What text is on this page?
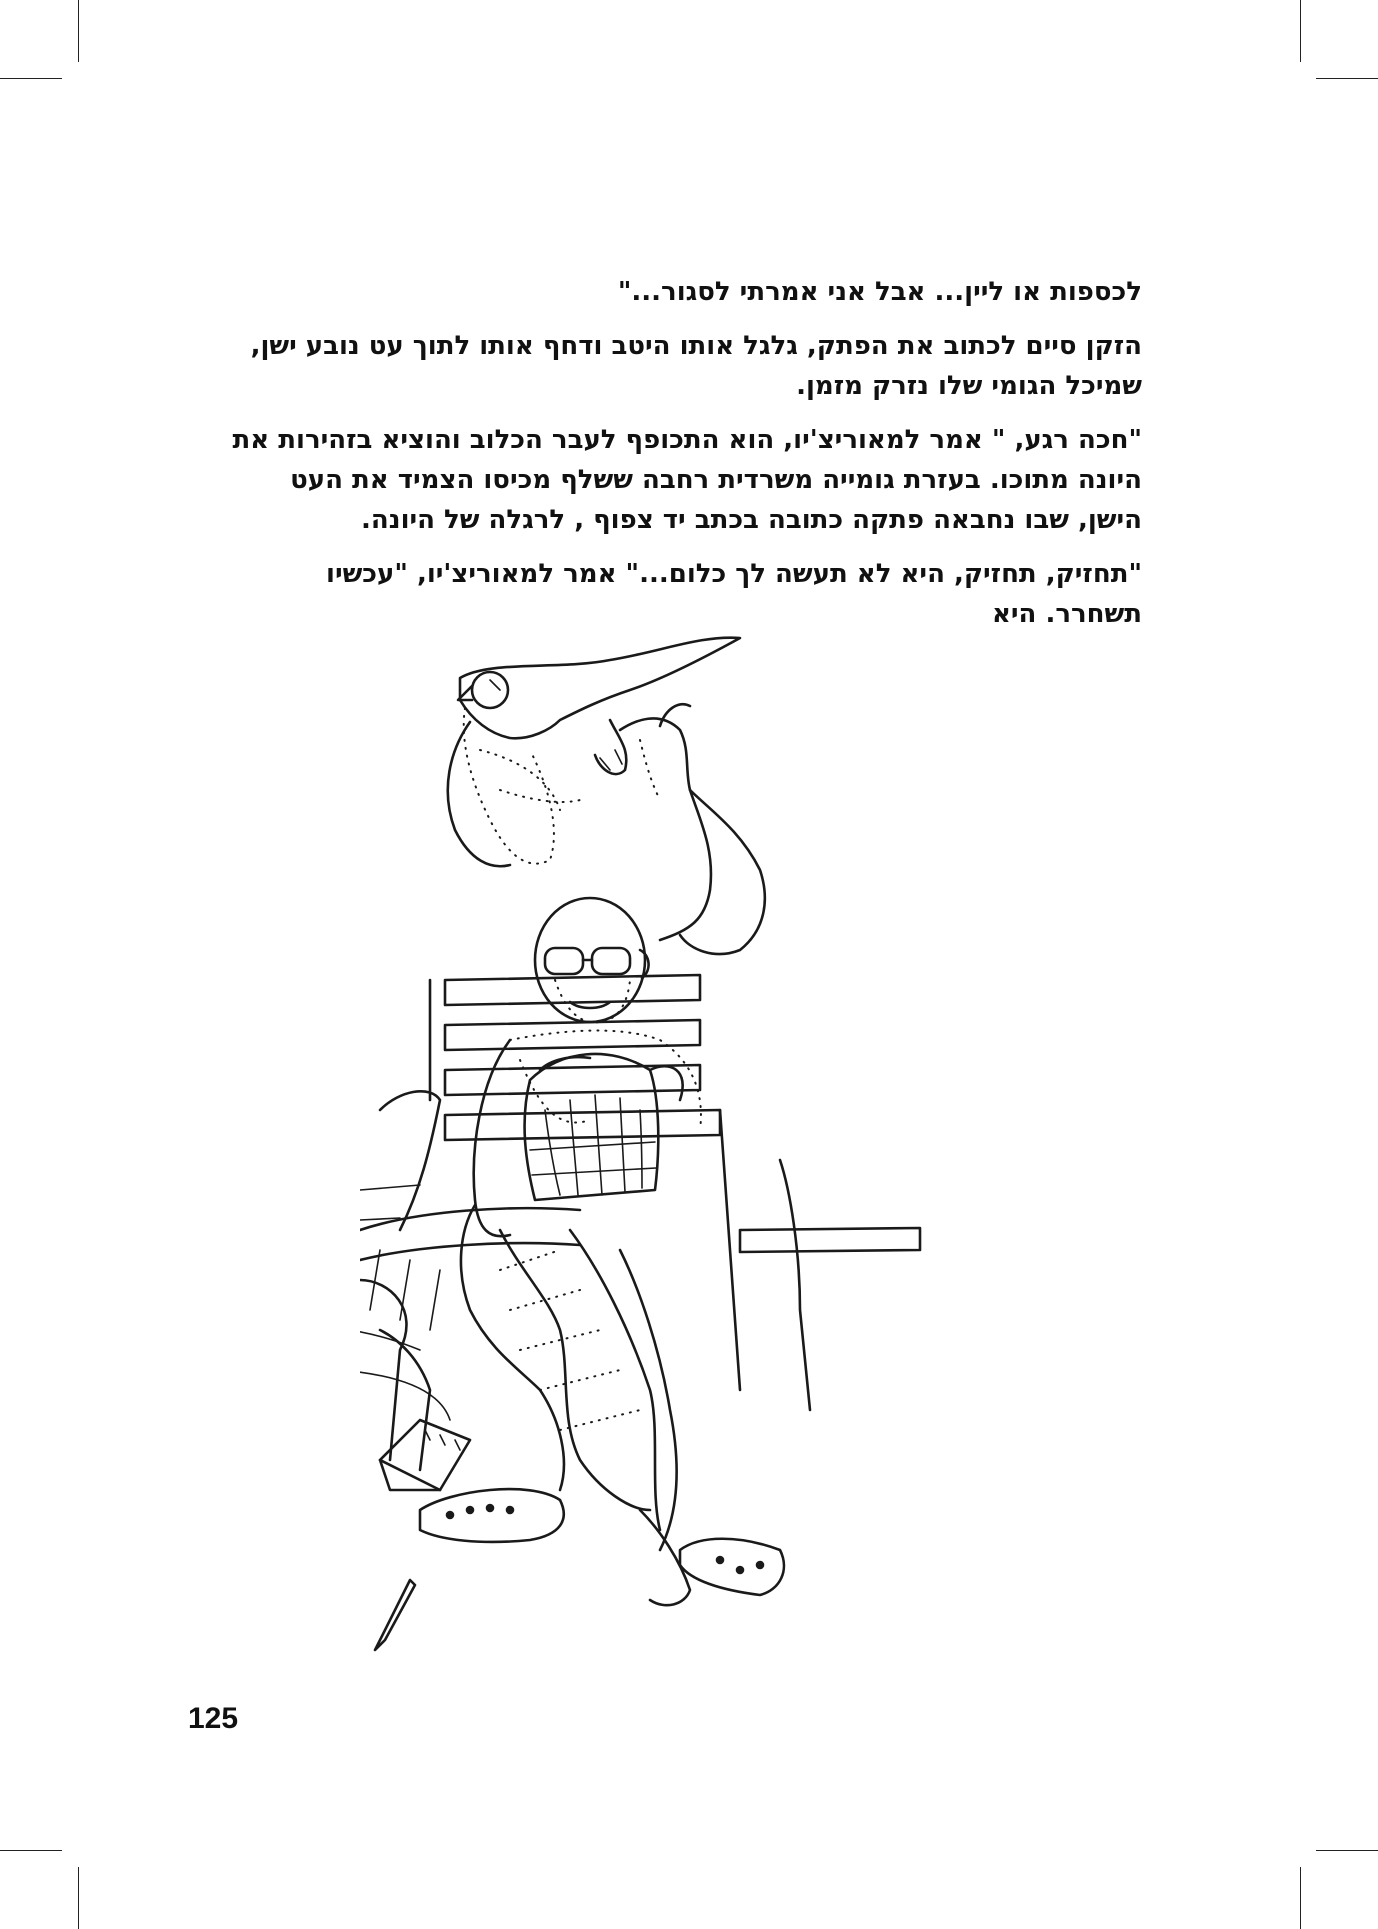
לכספות או ליין... אבל אני אמרתי לסגור..."

הזקן סיים לכתוב את הפתק, גלגל אותו היטב ודחף אותו לתוך עט נובע ישן, שמיכל הגומי שלו נזרק מזמן.

"חכה רגע, " אמר למאוריצ'יו, הוא התכופף לעבר הכלוב והוציא בזהירות את היונה מתוכו. בעזרת גומייה משרדית רחבה ששלף מכיסו הצמיד את העט הישן, שבו נחבאה פתקה כתובה בכתב יד צפוף , לרגלה של היונה.

"תחזיק, תחזיק, היא לא תעשה לך כלום..." אמר למאוריצ'יו, "עכשיו תשחרר. היא

125
